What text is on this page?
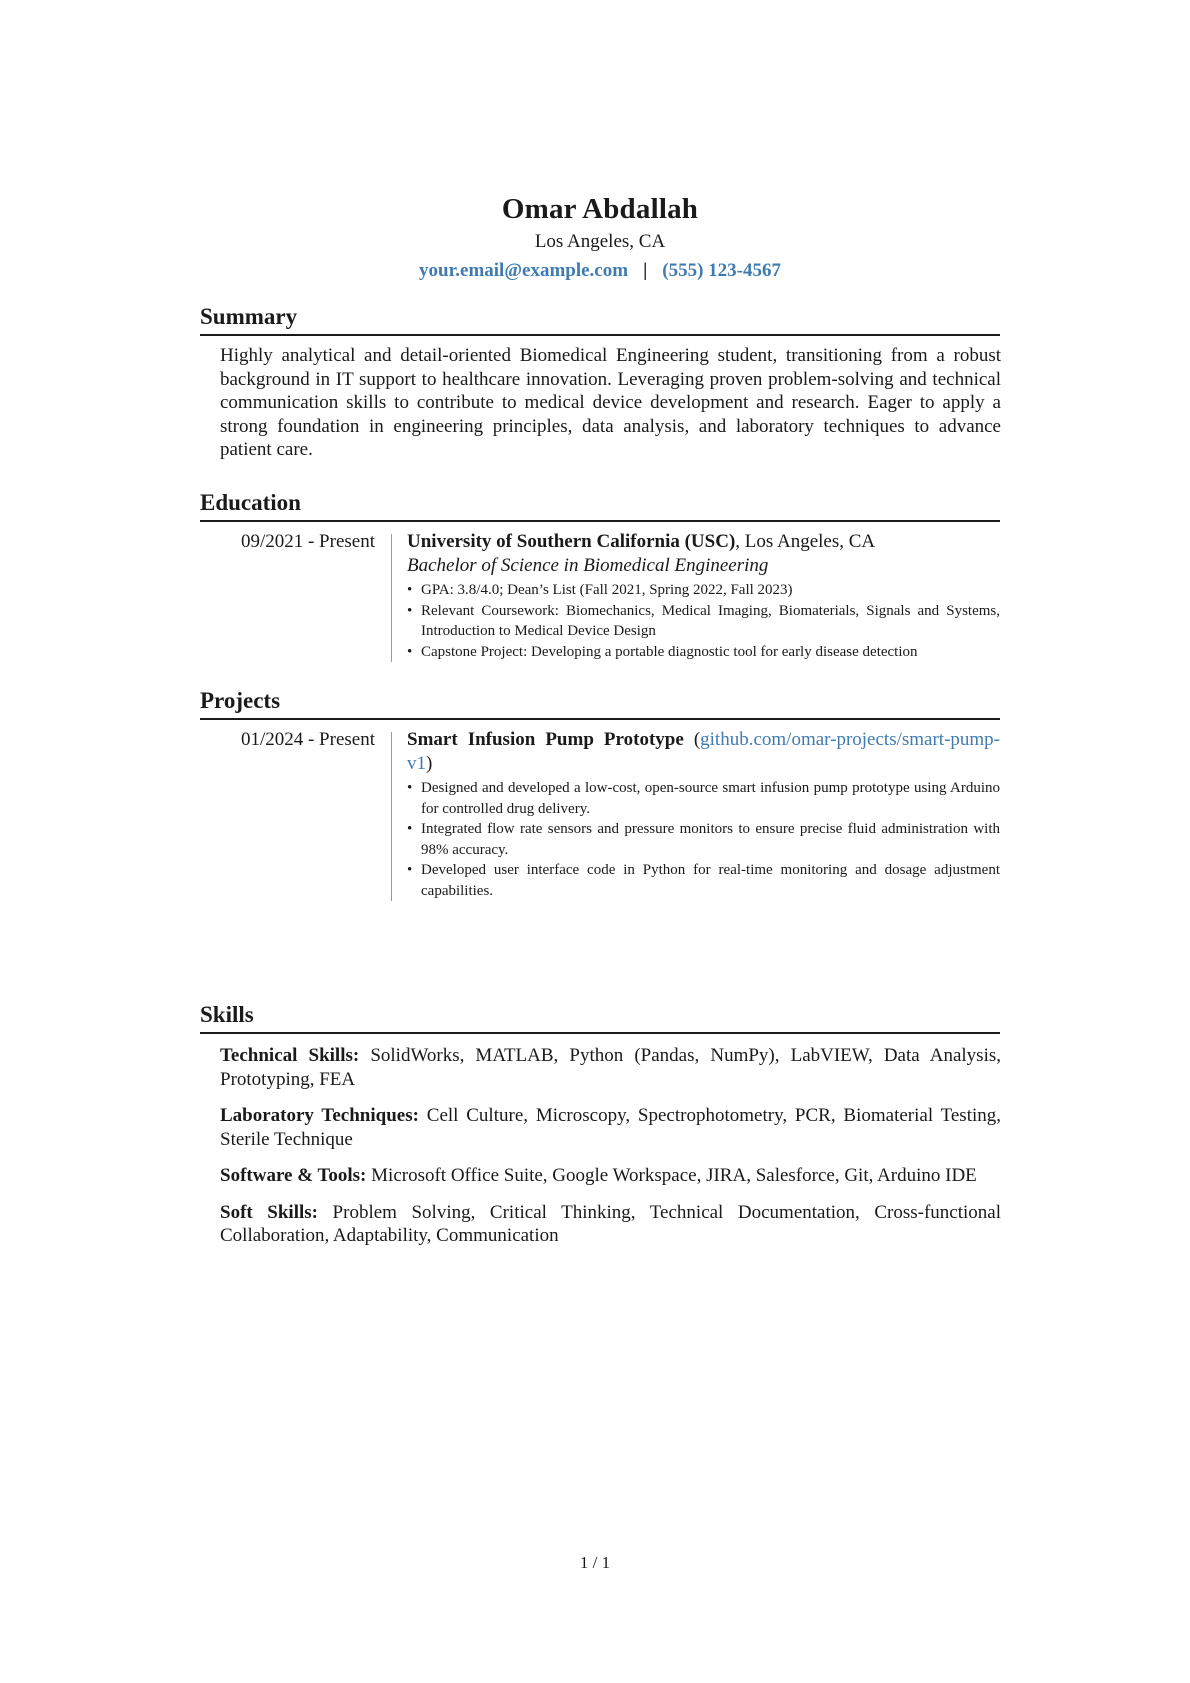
Omar Abdallah
Los Angeles, CA
your.email@example.com | (555) 123-4567
Summary

Highly analytical and detail-oriented Biomedical Engineering student, transitioning from a robust background in IT support to healthcare innovation. Leveraging proven problem-solving and technical communication skills to contribute to medical device development and research. Eager to apply a strong foundation in engineering principles, data analysis, and laboratory techniques to advance patient care.

Education
09/2021 - Present University of Southern California (USC), Los Angeles, CA
Bachelor of Science in Biomedical Engineering
• GPA: 3.8/4.0; Dean’s List (Fall 2021, Spring 2022, Fall 2023)
• Relevant Coursework: Biomechanics, Medical Imaging, Biomaterials, Signals and Systems, Introduction to Medical Device Design
• Capstone Project: Developing a portable diagnostic tool for early disease detection
Projects
01/2024 - Present Smart Infusion Pump Prototype (github.com/omar-projects/smart-pump-v1)
• Designed and developed a low-cost, open-source smart infusion pump prototype using Arduino for controlled drug delivery.
• Integrated flow rate sensors and pressure monitors to ensure precise fluid administration with 98% accuracy.
• Developed user interface code in Python for real-time monitoring and dosage adjustment capabilities.
Skills
Technical Skills: SolidWorks, MATLAB, Python (Pandas, NumPy), LabVIEW, Data Analysis, Prototyping, FEA
Laboratory Techniques: Cell Culture, Microscopy, Spectrophotometry, PCR, Biomaterial Testing, Sterile Technique
Software & Tools: Microsoft Office Suite, Google Workspace, JIRA, Salesforce, Git, Arduino IDE
Soft Skills: Problem Solving, Critical Thinking, Technical Documentation, Cross-functional Collaboration, Adaptability, Communication
1 / 1
